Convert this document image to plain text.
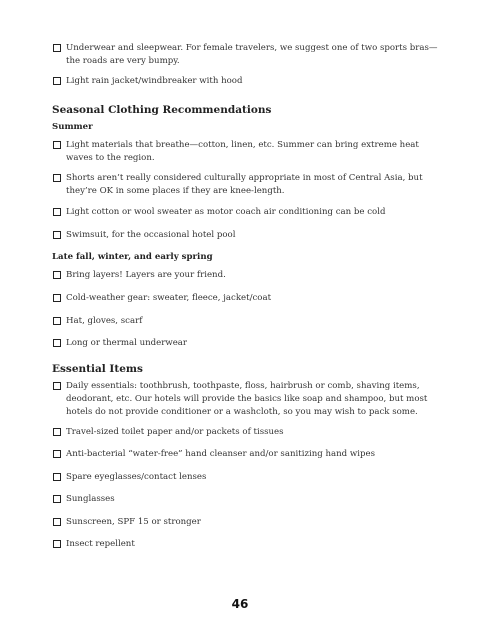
Underwear and sleepwear. For female travelers, we suggest one of two sports bras—the roads are very bumpy.
Light rain jacket/windbreaker with hood
Seasonal Clothing Recommendations
Summer
Light materials that breathe—cotton, linen, etc. Summer can bring extreme heat waves to the region.
Shorts aren’t really considered culturally appropriate in most of Central Asia, but they’re OK in some places if they are knee-length.
Light cotton or wool sweater as motor coach air conditioning can be cold
Swimsuit, for the occasional hotel pool
Late fall, winter, and early spring
Bring layers! Layers are your friend.
Cold-weather gear: sweater, fleece, jacket/coat
Hat, gloves, scarf
Long or thermal underwear
Essential Items
Daily essentials: toothbrush, toothpaste, floss, hairbrush or comb, shaving items, deodorant, etc. Our hotels will provide the basics like soap and shampoo, but most hotels do not provide conditioner or a washcloth, so you may wish to pack some.
Travel-sized toilet paper and/or packets of tissues
Anti-bacterial “water-free” hand cleanser and/or sanitizing hand wipes
Spare eyeglasses/contact lenses
Sunglasses
Sunscreen, SPF 15 or stronger
Insect repellent
46
